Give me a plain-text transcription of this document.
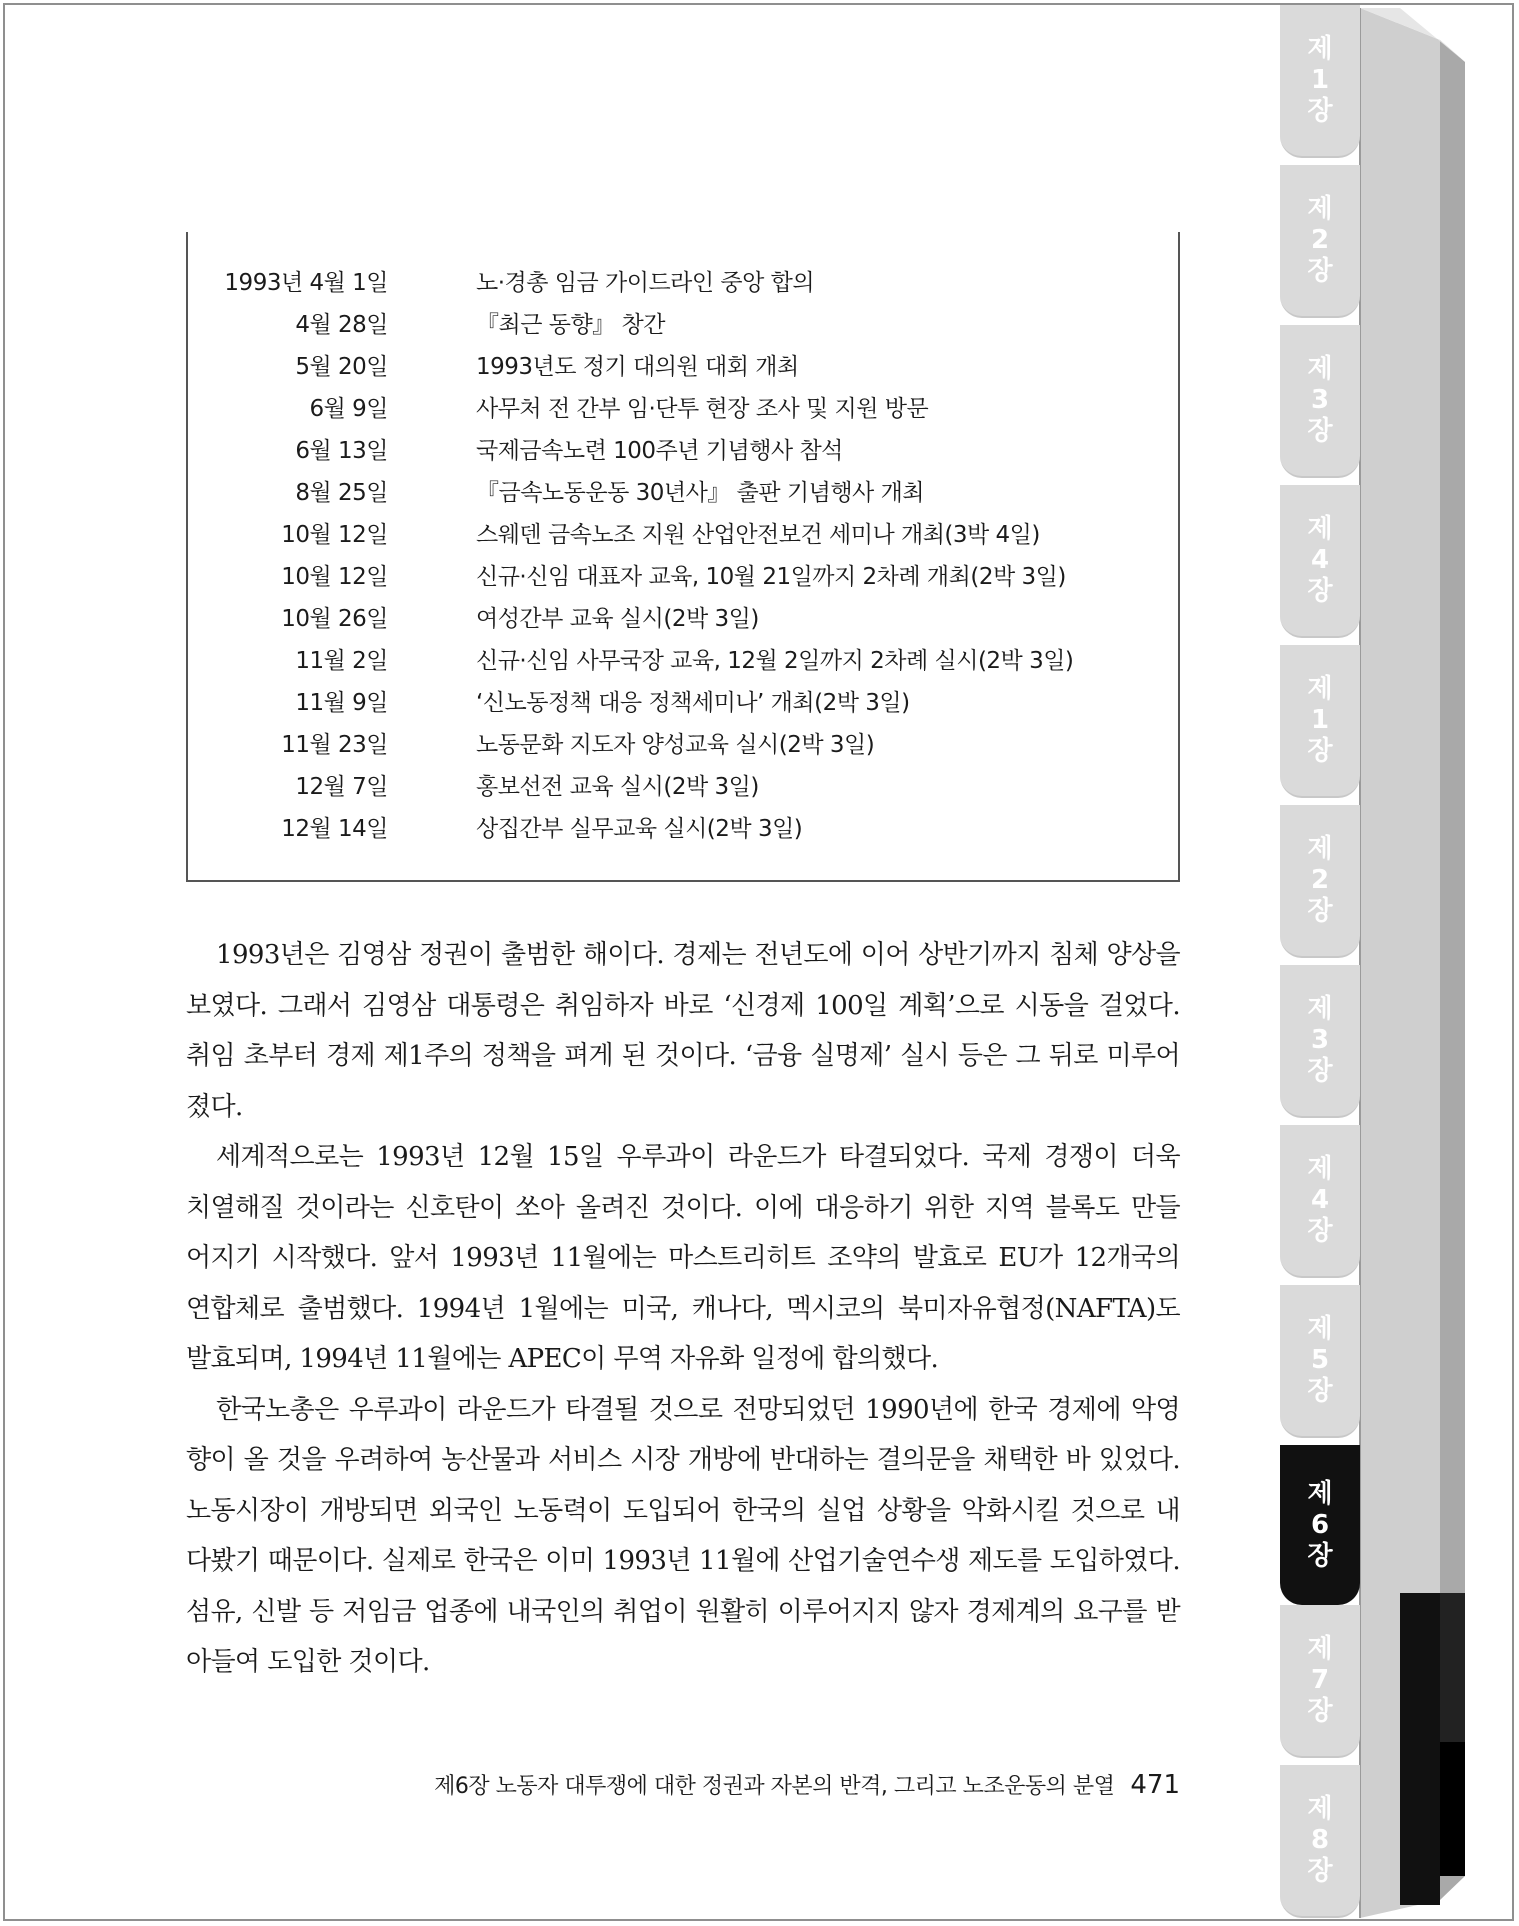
제
1
장
제
2
장
제
3
장
제
4
장
제
1
장
제
2
장
제
3
장
제
4
장
제
5
장
제
6
장
제
7
장
제
8
장
1993년 4월 1일	노·경총 임금 가이드라인 중앙 합의
4월 28일	『최근 동향』 창간
5월 20일	1993년도 정기 대의원 대회 개최
6월 9일	사무처 전 간부 임·단투 현장 조사 및 지원 방문
6월 13일	국제금속노련 100주년 기념행사 참석
8월 25일	『금속노동운동 30년사』 출판 기념행사 개최
10월 12일	스웨덴 금속노조 지원 산업안전보건 세미나 개최(3박 4일)
10월 12일	신규·신임 대표자 교육, 10월 21일까지 2차례 개최(2박 3일)
10월 26일	여성간부 교육 실시(2박 3일)
11월 2일	신규·신임 사무국장 교육, 12월 2일까지 2차례 실시(2박 3일)
11월 9일	‘신노동정책 대응 정책세미나’ 개최(2박 3일)
11월 23일	노동문화 지도자 양성교육 실시(2박 3일)
12월 7일	홍보선전 교육 실시(2박 3일)
12월 14일	상집간부 실무교육 실시(2박 3일)
1993년은 김영삼 정권이 출범한 해이다. 경제는 전년도에 이어 상반기까지 침체 양상을
보였다. 그래서 김영삼 대통령은 취임하자 바로 ‘신경제 100일 계획’으로 시동을 걸었다.
취임 초부터 경제 제1주의 정책을 펴게 된 것이다. ‘금융 실명제’ 실시 등은 그 뒤로 미루어
졌다.
세계적으로는 1993년 12월 15일 우루과이 라운드가 타결되었다. 국제 경쟁이 더욱
치열해질 것이라는 신호탄이 쏘아 올려진 것이다. 이에 대응하기 위한 지역 블록도 만들
어지기 시작했다. 앞서 1993년 11월에는 마스트리히트 조약의 발효로 EU가 12개국의
연합체로 출범했다. 1994년 1월에는 미국, 캐나다, 멕시코의 북미자유협정(NAFTA)도
발효되며, 1994년 11월에는 APEC이 무역 자유화 일정에 합의했다.
한국노총은 우루과이 라운드가 타결될 것으로 전망되었던 1990년에 한국 경제에 악영
향이 올 것을 우려하여 농산물과 서비스 시장 개방에 반대하는 결의문을 채택한 바 있었다.
노동시장이 개방되면 외국인 노동력이 도입되어 한국의 실업 상황을 악화시킬 것으로 내
다봤기 때문이다. 실제로 한국은 이미 1993년 11월에 산업기술연수생 제도를 도입하였다.
섬유, 신발 등 저임금 업종에 내국인의 취업이 원활히 이루어지지 않자 경제계의 요구를 받
아들여 도입한 것이다.
제6장 노동자 대투쟁에 대한 정권과 자본의 반격, 그리고 노조운동의 분열 471
